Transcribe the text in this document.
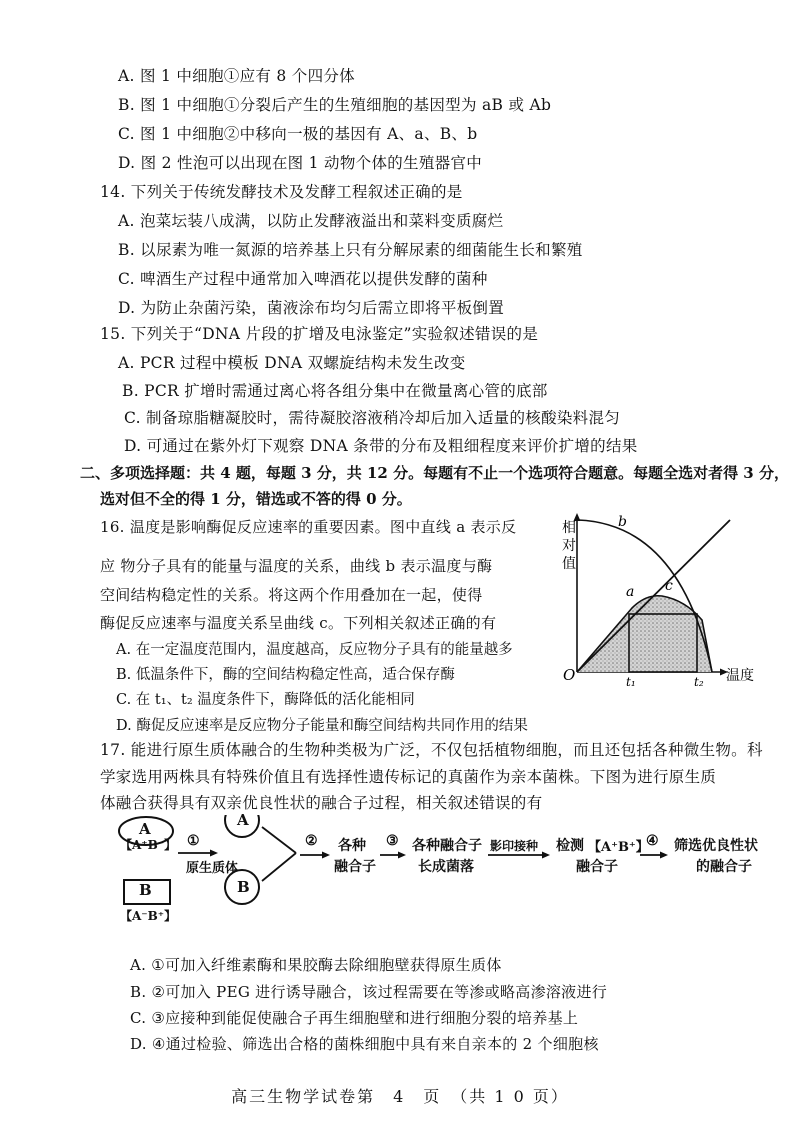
A. 图 1 中细胞①应有 8 个四分体
B. 图 1 中细胞①分裂后产生的生殖细胞的基因型为 aB 或 Ab
C. 图 1 中细胞②中移向一极的基因有 A、a、B、b
D. 图 2 性泡可以出现在图 1 动物个体的生殖器官中
14. 下列关于传统发酵技术及发酵工程叙述正确的是
A. 泡菜坛装八成满，以防止发酵液溢出和菜料变质腐烂
B. 以尿素为唯一氮源的培养基上只有分解尿素的细菌能生长和繁殖
C. 啤酒生产过程中通常加入啤酒花以提供发酵的菌种
D. 为防止杂菌污染，菌液涂布均匀后需立即将平板倒置
15. 下列关于“DNA 片段的扩增及电泳鉴定”实验叙述错误的是
A. PCR 过程中模板 DNA 双螺旋结构未发生改变
B. PCR 扩增时需通过离心将各组分集中在微量离心管的底部
C. 制备琼脂糖凝胶时，需待凝胶溶液稍冷却后加入适量的核酸染料混匀
D. 可通过在紫外灯下观察 DNA 条带的分布及粗细程度来评价扩增的结果
二、多项选择题：共 4 题，每题 3 分，共 12 分。每题有不止一个选项符合题意。每题全选对者得 3 分，
选对但不全的得 1 分，错选或不答的得 0 分。
16. 温度是影响酶促反应速率的重要因素。图中直线 a 表示反
应 物分子具有的能量与温度的关系，曲线 b 表示温度与酶
空间结构稳定性的关系。将这两个作用叠加在一起，使得
酶促反应速率与温度关系呈曲线 c。下列相关叙述正确的有
A. 在一定温度范围内，温度越高，反应物分子具有的能量越多
B. 低温条件下，酶的空间结构稳定性高，适合保存酶
C. 在 t₁、t₂ 温度条件下，酶降低的活化能相同
D. 酶促反应速率是反应物分子能量和酶空间结构共同作用的结果
相
对
值
b
a c
O	t₁	t₂ 温度
17. 能进行原生质体融合的生物种类极为广泛，不仅包括植物细胞，而且还包括各种微生物。科
学家选用两株具有特殊价值且有选择性遗传标记的真菌作为亲本菌株。下图为进行原生质
体融合获得具有双亲优良性状的融合子过程，相关叙述错误的有
A
【A⁺B⁻】
B
【A⁻B⁺】
①
原生质体
A
B
② 各种
融合子
③ 各种融合子
长成菌落
影印接种 检测 【A⁺B⁺】
融合子
④ 筛选优良性状
的融合子
A. ①可加入纤维素酶和果胶酶去除细胞壁获得原生质体
B. ②可加入 PEG 进行诱导融合，该过程需要在等渗或略高渗溶液进行
C. ③应接种到能促使融合子再生细胞壁和进行细胞分裂的培养基上
D. ④通过检验、筛选出合格的菌株细胞中具有来自亲本的 2 个细胞核
高三生物学试卷第　4　页　（共 1 0 页）
